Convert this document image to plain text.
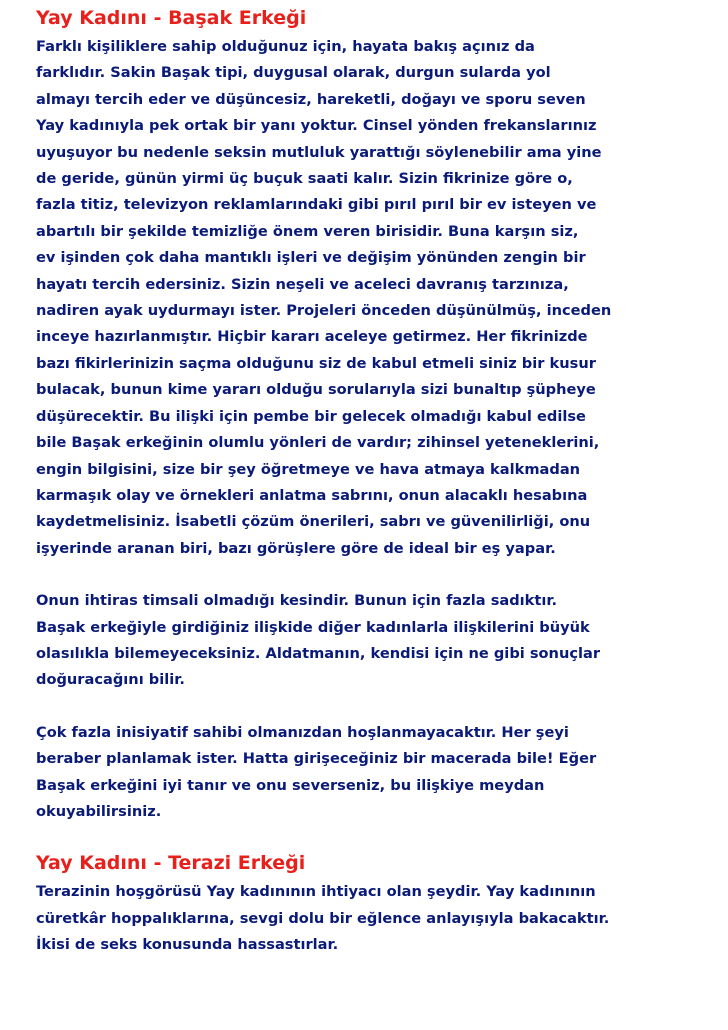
Yay Kadını - Başak Erkeği
Farklı kişiliklere sahip olduğunuz için, hayata bakış açınız da
farklıdır. Sakin Başak tipi, duygusal olarak, durgun sularda yol
almayı tercih eder ve düşüncesiz, hareketli, doğayı ve sporu seven
Yay kadınıyla pek ortak bir yanı yoktur. Cinsel yönden frekanslarınız
uyuşuyor bu nedenle seksin mutluluk yarattığı söylenebilir ama yine
de geride, günün yirmi üç buçuk saati kalır. Sizin fikrinize göre o,
fazla titiz, televizyon reklamlarındaki gibi pırıl pırıl bir ev isteyen ve
abartılı bir şekilde temizliğe önem veren birisidir. Buna karşın siz,
ev işinden çok daha mantıklı işleri ve değişim yönünden zengin bir
hayatı tercih edersiniz. Sizin neşeli ve aceleci davranış tarzınıza,
nadiren ayak uydurmayı ister. Projeleri önceden düşünülmüş, inceden
inceye hazırlanmıştır. Hiçbir kararı aceleye getirmez. Her fikrinizde
bazı fikirlerinizin saçma olduğunu siz de kabul etmeli siniz bir kusur
bulacak, bunun kime yararı olduğu sorularıyla sizi bunaltıp şüpheye
düşürecektir. Bu ilişki için pembe bir gelecek olmadığı kabul edilse
bile Başak erkeğinin olumlu yönleri de vardır; zihinsel yeteneklerini,
engin bilgisini, size bir şey öğretmeye ve hava atmaya kalkmadan
karmaşık olay ve örnekleri anlatma sabrını, onun alacaklı hesabına
kaydetmelisiniz. İsabetli çözüm önerileri, sabrı ve güvenilirliği, onu
işyerinde aranan biri, bazı görüşlere göre de ideal bir eş yapar.
Onun ihtiras timsali olmadığı kesindir. Bunun için fazla sadıktır.
Başak erkeğiyle girdiğiniz ilişkide diğer kadınlarla ilişkilerini büyük
olasılıkla bilemeyeceksiniz. Aldatmanın, kendisi için ne gibi sonuçlar
doğuracağını bilir.
Çok fazla inisiyatif sahibi olmanızdan hoşlanmayacaktır. Her şeyi
beraber planlamak ister. Hatta girişeceğiniz bir macerada bile! Eğer
Başak erkeğini iyi tanır ve onu severseniz, bu ilişkiye meydan
okuyabilirsiniz.
Yay Kadını - Terazi Erkeği
Terazinin hoşgörüsü Yay kadınının ihtiyacı olan şeydir. Yay kadınının
cüretkâr hoppalıklarına, sevgi dolu bir eğlence anlayışıyla bakacaktır.
İkisi de seks konusunda hassastırlar.
